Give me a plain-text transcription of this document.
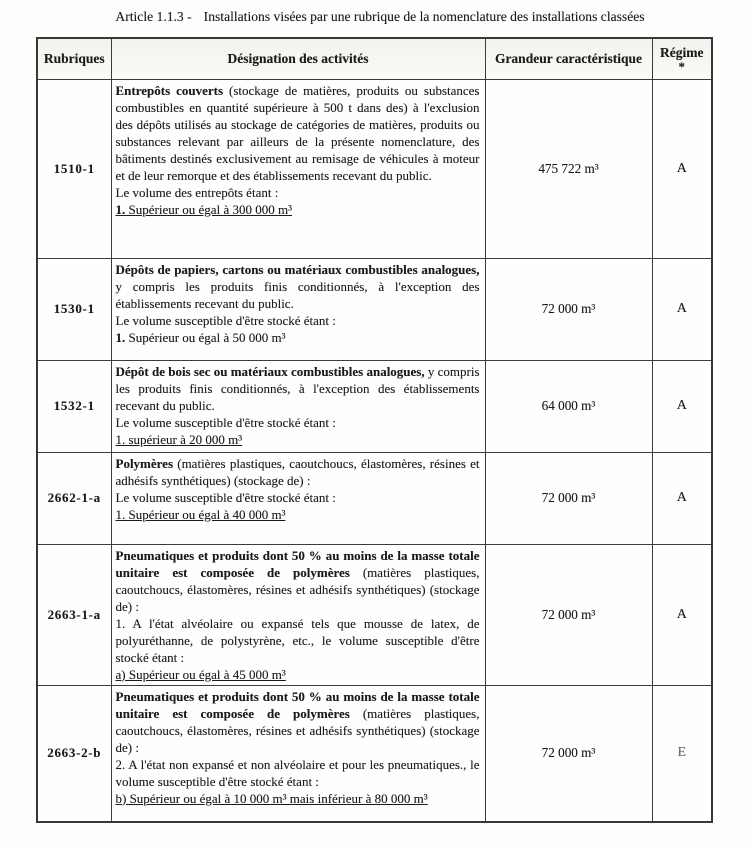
Article 1.1.3 - Installations visées par une rubrique de la nomenclature des installations classées
Rubriques	Désignation des activités	Grandeur caractéristique	Régime
*

1510-1	Entrepôts couverts (stockage de matières, produits ou substances combustibles en quantité supérieure à 500 t dans des) à l'exclusion des dépôts utilisés au stockage de catégories de matières, produits ou substances relevant par ailleurs de la présente nomenclature, des bâtiments destinés exclusivement au remisage de véhicules à moteur et de leur remorque et des établissements recevant du public.

Le volume des entrepôts étant :

1. Supérieur ou égal à 300 000 m³	475 722 m³	A
1530-1	Dépôts de papiers, cartons ou matériaux combustibles analogues, y compris les produits finis conditionnés, à l'exception des établissements recevant du public.

Le volume susceptible d'être stocké étant :

1. Supérieur ou égal à 50 000 m³	72 000 m³	A
1532-1	Dépôt de bois sec ou matériaux combustibles analogues, y compris les produits finis conditionnés, à l'exception des établissements recevant du public.

Le volume susceptible d'être stocké étant :

1. supérieur à 20 000 m³	64 000 m³	A
2662-1-a	Polymères (matières plastiques, caoutchoucs, élastomères, résines et adhésifs synthétiques) (stockage de) :

Le volume susceptible d'être stocké étant :

1. Supérieur ou égal à 40 000 m³	72 000 m³	A
2663-1-a	Pneumatiques et produits dont 50 % au moins de la masse totale unitaire est composée de polymères (matières plastiques, caoutchoucs, élastomères, résines et adhésifs synthétiques) (stockage de) :

1. A l'état alvéolaire ou expansé tels que mousse de latex, de polyuréthanne, de polystyrène, etc., le volume susceptible d'être stocké étant :

a) Supérieur ou égal à 45 000 m³	72 000 m³	A
2663-2-b	Pneumatiques et produits dont 50 % au moins de la masse totale unitaire est composée de polymères (matières plastiques, caoutchoucs, élastomères, résines et adhésifs synthétiques) (stockage de) :

2. A l'état non expansé et non alvéolaire et pour les pneumatiques., le volume susceptible d'être stocké étant :

b) Supérieur ou égal à 10 000 m³ mais inférieur à 80 000 m³	72 000 m³	E
